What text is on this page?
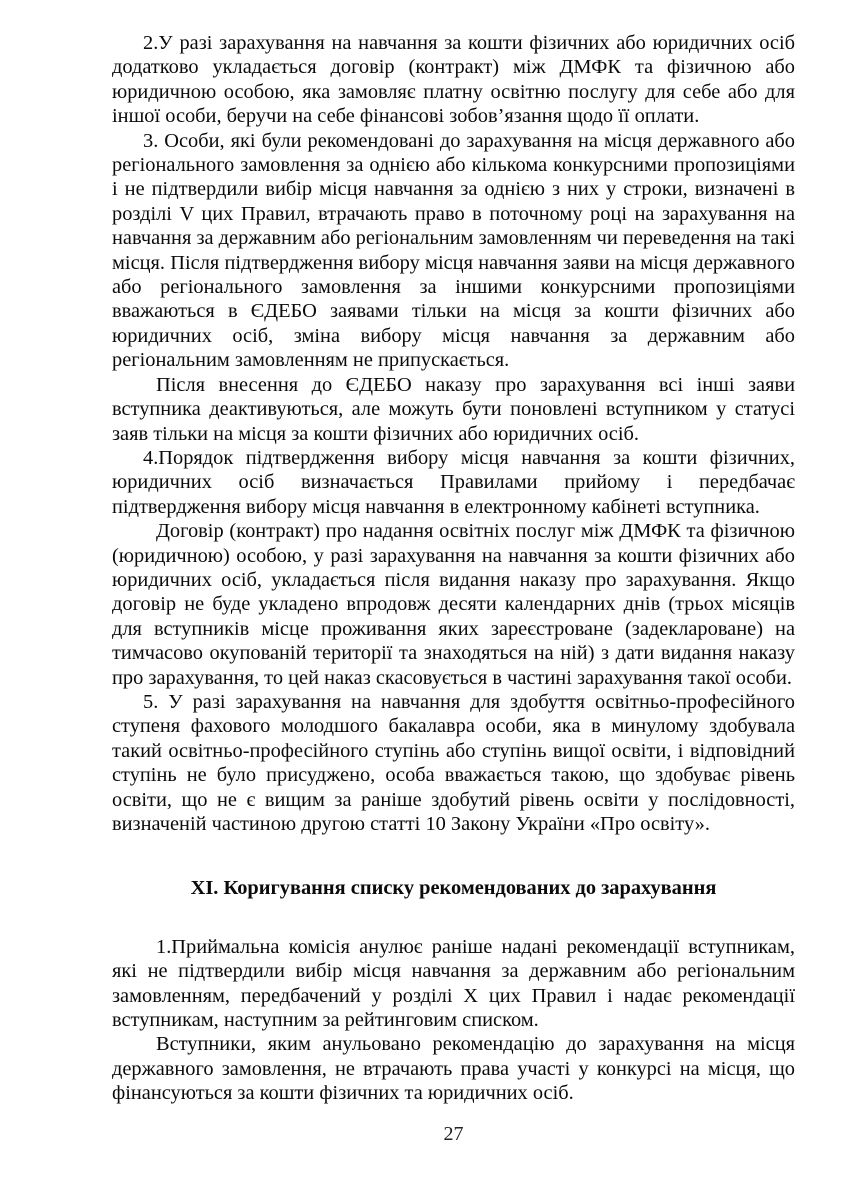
2.У разі зарахування на навчання за кошти фізичних або юридичних осіб додатково укладається договір (контракт) між ДМФК та фізичною або юридичною особою, яка замовляє платну освітню послугу для себе або для іншої особи, беручи на себе фінансові зобов’язання щодо її оплати.

3. Особи, які були рекомендовані до зарахування на місця державного або регіонального замовлення за однією або кількома конкурсними пропозиціями і не підтвердили вибір місця навчання за однією з них у строки, визначені в розділі V цих Правил, втрачають право в поточному році на зарахування на навчання за державним або регіональним замовленням чи переведення на такі місця. Після підтвердження вибору місця навчання заяви на місця державного або регіонального замовлення за іншими конкурсними пропозиціями вважаються в ЄДЕБО заявами тільки на місця за кошти фізичних або юридичних осіб, зміна вибору місця навчання за державним або регіональним замовленням не припускається.

Після внесення до ЄДЕБО наказу про зарахування всі інші заяви вступника деактивуються, але можуть бути поновлені вступником у статусі заяв тільки на місця за кошти фізичних або юридичних осіб.

4.Порядок підтвердження вибору місця навчання за кошти фізичних, юридичних осіб визначається Правилами прийому і передбачає підтвердження вибору місця навчання в електронному кабінеті вступника.

Договір (контракт) про надання освітніх послуг між ДМФК та фізичною (юридичною) особою, у разі зарахування на навчання за кошти фізичних або юридичних осіб, укладається після видання наказу про зарахування. Якщо договір не буде укладено впродовж десяти календарних днів (трьох місяців для вступників місце проживання яких зареєстроване (задеклароване) на тимчасово окупованій території та знаходяться на ній) з дати видання наказу про зарахування, то цей наказ скасовується в частині зарахування такої особи.

5. У разі зарахування на навчання для здобуття освітньо-професійного ступеня фахового молодшого бакалавра особи, яка в минулому здобувала такий освітньо-професійного ступінь або ступінь вищої освіти, і відповідний ступінь не було присуджено, особа вважається такою, що здобуває рівень освіти, що не є вищим за раніше здобутий рівень освіти у послідовності, визначеній частиною другою статті 10 Закону України «Про освіту».

XI. Коригування списку рекомендованих до зарахування

1.Приймальна комісія анулює раніше надані рекомендації вступникам, які не підтвердили вибір місця навчання за державним або регіональним замовленням, передбачений у розділі X цих Правил і надає рекомендації вступникам, наступним за рейтинговим списком.

Вступники, яким анульовано рекомендацію до зарахування на місця державного замовлення, не втрачають права участі у конкурсі на місця, що фінансуються за кошти фізичних та юридичних осіб.

27
